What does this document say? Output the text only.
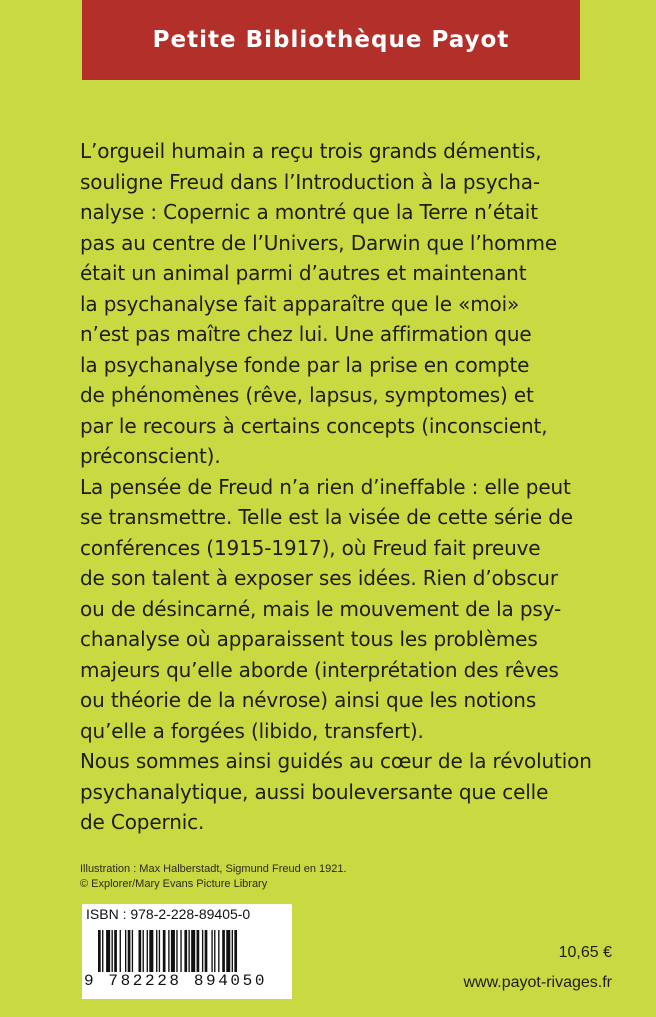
Petite Bibliothèque Payot
L’orgueil humain a reçu trois grands démentis,
souligne Freud dans l’Introduction à la psycha-
nalyse : Copernic a montré que la Terre n’était
pas au centre de l’Univers, Darwin que l’homme
était un animal parmi d’autres et maintenant
la psychanalyse fait apparaître que le «moi»
n’est pas maître chez lui. Une affirmation que
la psychanalyse fonde par la prise en compte
de phénomènes (rêve, lapsus, symptomes) et
par le recours à certains concepts (inconscient,
préconscient).
La pensée de Freud n’a rien d’ineffable : elle peut
se transmettre. Telle est la visée de cette série de
conférences (1915-1917), où Freud fait preuve
de son talent à exposer ses idées. Rien d’obscur
ou de désincarné, mais le mouvement de la psy-
chanalyse où apparaissent tous les problèmes
majeurs qu’elle aborde (interprétation des rêves
ou théorie de la névrose) ainsi que les notions
qu’elle a forgées (libido, transfert).
Nous sommes ainsi guidés au cœur de la révolution
psychanalytique, aussi bouleversante que celle
de Copernic.
Illustration : Max Halberstadt, Sigmund Freud en 1921.
© Explorer/Mary Evans Picture Library
ISBN : 978-2-228-89405-0
9 782228 894050
10,65 €
www.payot-rivages.fr
